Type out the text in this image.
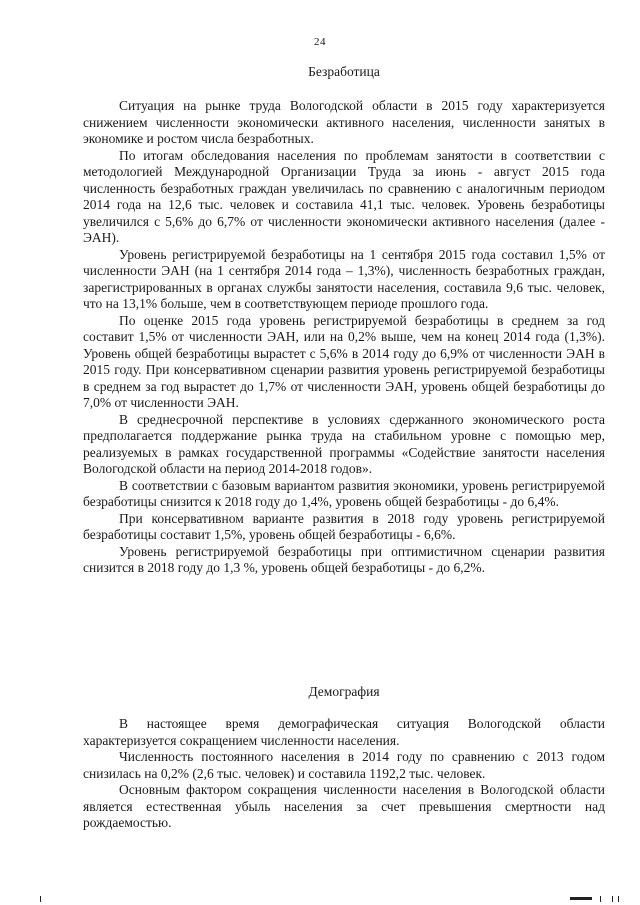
24
Безработица

Ситуация на рынке труда Вологодской области в 2015 году характеризуется снижением численности экономически активного населения, численности занятых в экономике и ростом числа безработных.

По итогам обследования населения по проблемам занятости в соответствии с методологией Международной Организации Труда за июнь - август 2015 года численность безработных граждан увеличилась по сравнению с аналогичным периодом 2014 года на 12,6 тыс. человек и составила 41,1 тыс. человек. Уровень безработицы увеличился с 5,6% до 6,7% от численности экономически активного населения (далее - ЭАН).

Уровень регистрируемой безработицы на 1 сентября 2015 года составил 1,5% от численности ЭАН (на 1 сентября 2014 года – 1,3%), численность безработных граждан, зарегистрированных в органах службы занятости населения, составила 9,6 тыс. человек, что на 13,1% больше, чем в соответствующем периоде прошлого года.

По оценке 2015 года уровень регистрируемой безработицы в среднем за год составит 1,5% от численности ЭАН, или на 0,2% выше, чем на конец 2014 года (1,3%). Уровень общей безработицы вырастет с 5,6% в 2014 году до 6,9% от численности ЭАН в 2015 году. При консервативном сценарии развития уровень регистрируемой безработицы в среднем за год вырастет до 1,7% от численности ЭАН, уровень общей безработицы до 7,0% от численности ЭАН.

В среднесрочной перспективе в условиях сдержанного экономического роста предполагается поддержание рынка труда на стабильном уровне с помощью мер, реализуемых в рамках государственной программы «Содействие занятости населения Вологодской области на период 2014-2018 годов».

В соответствии с базовым вариантом развития экономики, уровень регистрируемой безработицы снизится к 2018 году до 1,4%, уровень общей безработицы - до 6,4%.

При консервативном варианте развития в 2018 году уровень регистрируемой безработицы составит 1,5%, уровень общей безработицы - 6,6%.

Уровень регистрируемой безработицы при оптимистичном сценарии развития снизится в 2018 году до 1,3 %, уровень общей безработицы - до 6,2%.

Демография

В настоящее время демографическая ситуация Вологодской области характеризуется сокращением численности населения.

Численность постоянного населения в 2014 году по сравнению с 2013 годом снизилась на 0,2% (2,6 тыс. человек) и составила 1192,2 тыс. человек.

Основным фактором сокращения численности населения в Вологодской области является естественная убыль населения за счет превышения смертности над рождаемостью.
